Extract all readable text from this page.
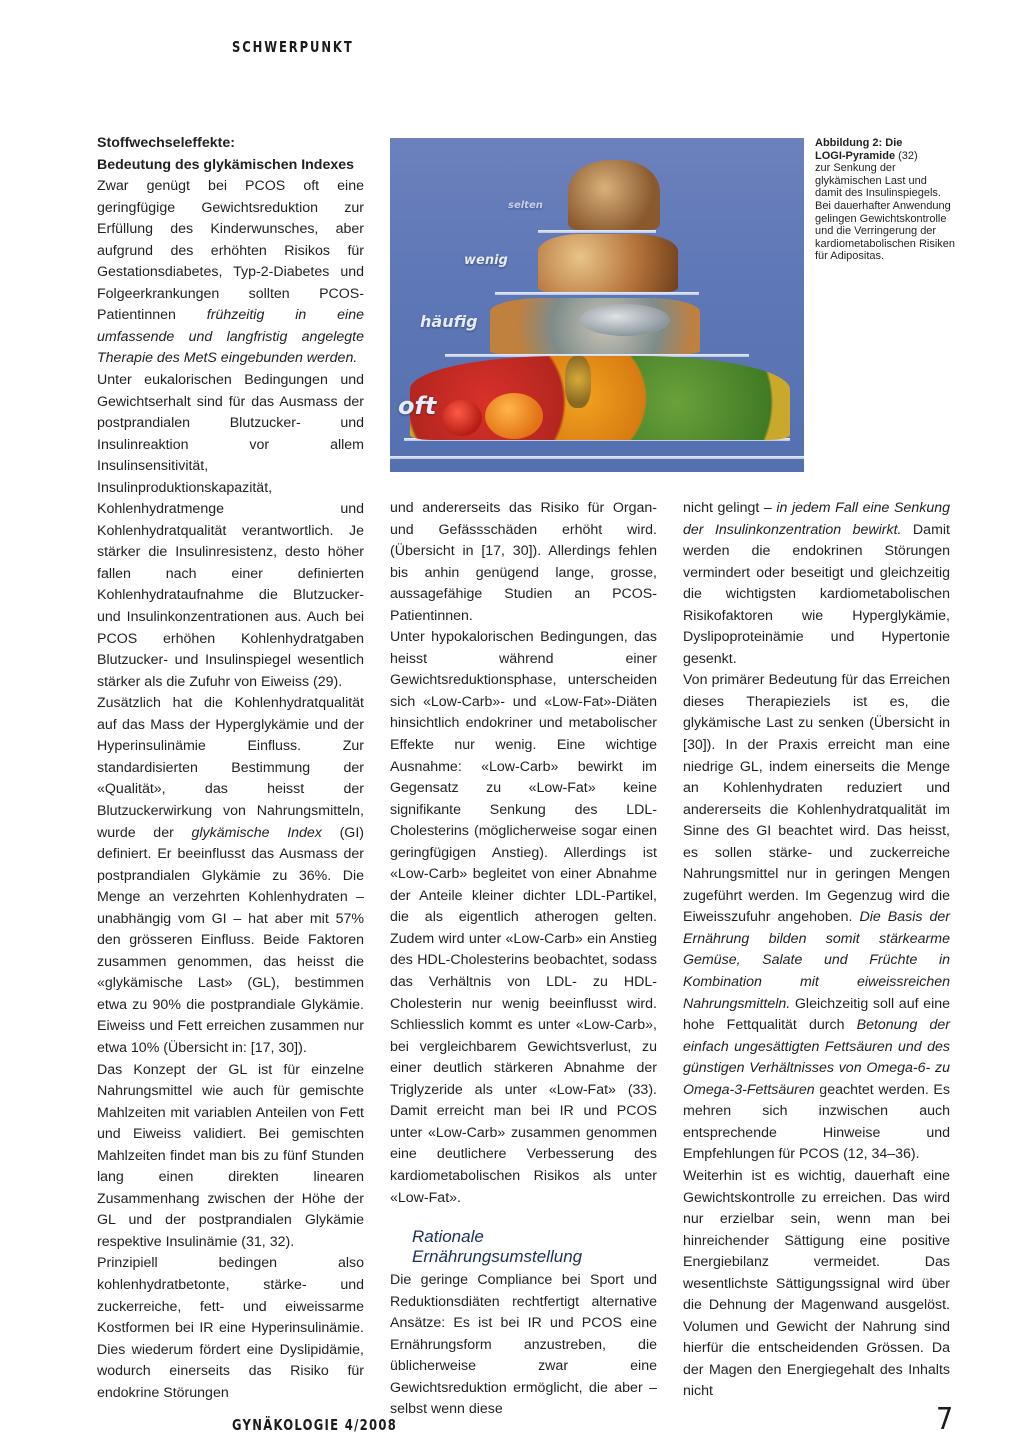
SCHWERPUNKT

Stoffwechseleffekte:

Bedeutung des glykämischen Indexes

Zwar genügt bei PCOS oft eine geringfügige Gewichtsreduktion zur Erfüllung des Kinderwunsches, aber aufgrund des erhöhten Risikos für Gestationsdiabetes, Typ-2-Diabetes und Folgeerkrankungen sollten PCOS-Patientinnen frühzeitig in eine umfassende und langfristig angelegte Therapie des MetS eingebunden werden.

Unter eukalorischen Bedingungen und Gewichtserhalt sind für das Ausmass der postprandialen Blutzucker- und Insulinreaktion vor allem Insulinsensitivität, Insulinproduktionskapazität, Kohlenhydratmenge und Kohlenhydratqualität verantwortlich. Je stärker die Insulinresistenz, desto höher fallen nach einer definierten Kohlenhydrataufnahme die Blutzucker- und Insulinkonzentrationen aus. Auch bei PCOS erhöhen Kohlenhydratgaben Blutzucker- und Insulinspiegel wesentlich stärker als die Zufuhr von Eiweiss (29).

Zusätzlich hat die Kohlenhydratqualität auf das Mass der Hyperglykämie und der Hyperinsulinämie Einfluss. Zur standardisierten Bestimmung der «Qualität», das heisst der Blutzuckerwirkung von Nahrungsmitteln, wurde der glykämische Index (GI) definiert. Er beeinflusst das Ausmass der postprandialen Glykämie zu 36%. Die Menge an verzehrten Kohlenhydraten – unabhängig vom GI – hat aber mit 57% den grösseren Einfluss. Beide Faktoren zusammen genommen, das heisst die «glykämische Last» (GL), bestimmen etwa zu 90% die postprandiale Glykämie. Eiweiss und Fett erreichen zusammen nur etwa 10% (Übersicht in: [17, 30]).

Das Konzept der GL ist für einzelne Nahrungsmittel wie auch für gemischte Mahlzeiten mit variablen Anteilen von Fett und Eiweiss validiert. Bei gemischten Mahlzeiten findet man bis zu fünf Stunden lang einen direkten linearen Zusammenhang zwischen der Höhe der GL und der postprandialen Glykämie respektive Insulinämie (31, 32).

Prinzipiell bedingen also kohlenhydratbetonte, stärke- und zuckerreiche, fett- und eiweissarme Kostformen bei IR eine Hyperinsulinämie. Dies wiederum fördert eine Dyslipidämie, wodurch einerseits das Risiko für endokrine Störungen

selten
wenig
häufig
oft
Abbildung 2: Die
LOGI-Pyramide (32)
zur Senkung der glykämischen Last und damit des Insulinspiegels. Bei dauerhafter Anwendung gelingen Gewichtskontrolle und die Verringerung der kardiometabolischen Risiken für Adipositas.

und andererseits das Risiko für Organ- und Gefässschäden erhöht wird. (Übersicht in [17, 30]). Allerdings fehlen bis anhin genügend lange, grosse, aussagefähige Studien an PCOS-Patientinnen.

Unter hypokalorischen Bedingungen, das heisst während einer Gewichtsreduktionsphase, unterscheiden sich «Low-Carb»- und «Low-Fat»-Diäten hinsichtlich endokriner und metabolischer Effekte nur wenig. Eine wichtige Ausnahme: «Low-Carb» bewirkt im Gegensatz zu «Low-Fat» keine signifikante Senkung des LDL-Cholesterins (möglicherweise sogar einen geringfügigen Anstieg). Allerdings ist «Low-Carb» begleitet von einer Abnahme der Anteile kleiner dichter LDL-Partikel, die als eigentlich atherogen gelten. Zudem wird unter «Low-Carb» ein Anstieg des HDL-Cholesterins beobachtet, sodass das Verhältnis von LDL- zu HDL-Cholesterin nur wenig beeinflusst wird. Schliesslich kommt es unter «Low-Carb», bei vergleichbarem Gewichtsverlust, zu einer deutlich stärkeren Abnahme der Triglyzeride als unter «Low-Fat» (33). Damit erreicht man bei IR und PCOS unter «Low-Carb» zusammen genommen eine deutlichere Verbesserung des kardiometabolischen Risikos als unter «Low-Fat».

Rationale Ernährungsumstellung

Die geringe Compliance bei Sport und Reduktionsdiäten rechtfertigt alternative Ansätze: Es ist bei IR und PCOS eine Ernährungsform anzustreben, die üblicherweise zwar eine Gewichtsreduktion ermöglicht, die aber – selbst wenn diese

nicht gelingt – in jedem Fall eine Senkung der Insulinkonzentration bewirkt. Damit werden die endokrinen Störungen vermindert oder beseitigt und gleichzeitig die wichtigsten kardiometabolischen Risikofaktoren wie Hyperglykämie, Dyslipoproteinämie und Hypertonie gesenkt.

Von primärer Bedeutung für das Erreichen dieses Therapieziels ist es, die glykämische Last zu senken (Übersicht in [30]). In der Praxis erreicht man eine niedrige GL, indem einerseits die Menge an Kohlenhydraten reduziert und andererseits die Kohlenhydratqualität im Sinne des GI beachtet wird. Das heisst, es sollen stärke- und zuckerreiche Nahrungsmittel nur in geringen Mengen zugeführt werden. Im Gegenzug wird die Eiweisszufuhr angehoben. Die Basis der Ernährung bilden somit stärkearme Gemüse, Salate und Früchte in Kombination mit eiweissreichen Nahrungsmitteln. Gleichzeitig soll auf eine hohe Fettqualität durch Betonung der einfach ungesättigten Fettsäuren und des günstigen Verhältnisses von Omega-6- zu Omega-3-Fettsäuren geachtet werden. Es mehren sich inzwischen auch entsprechende Hinweise und Empfehlungen für PCOS (12, 34–36).

Weiterhin ist es wichtig, dauerhaft eine Gewichtskontrolle zu erreichen. Das wird nur erzielbar sein, wenn man bei hinreichender Sättigung eine positive Energiebilanz vermeidet. Das wesentlichste Sättigungssignal wird über die Dehnung der Magenwand ausgelöst. Volumen und Gewicht der Nahrung sind hierfür die entscheidenden Grössen. Da der Magen den Energiegehalt des Inhalts nicht

GYNÄKOLOGIE 4/2008	7
